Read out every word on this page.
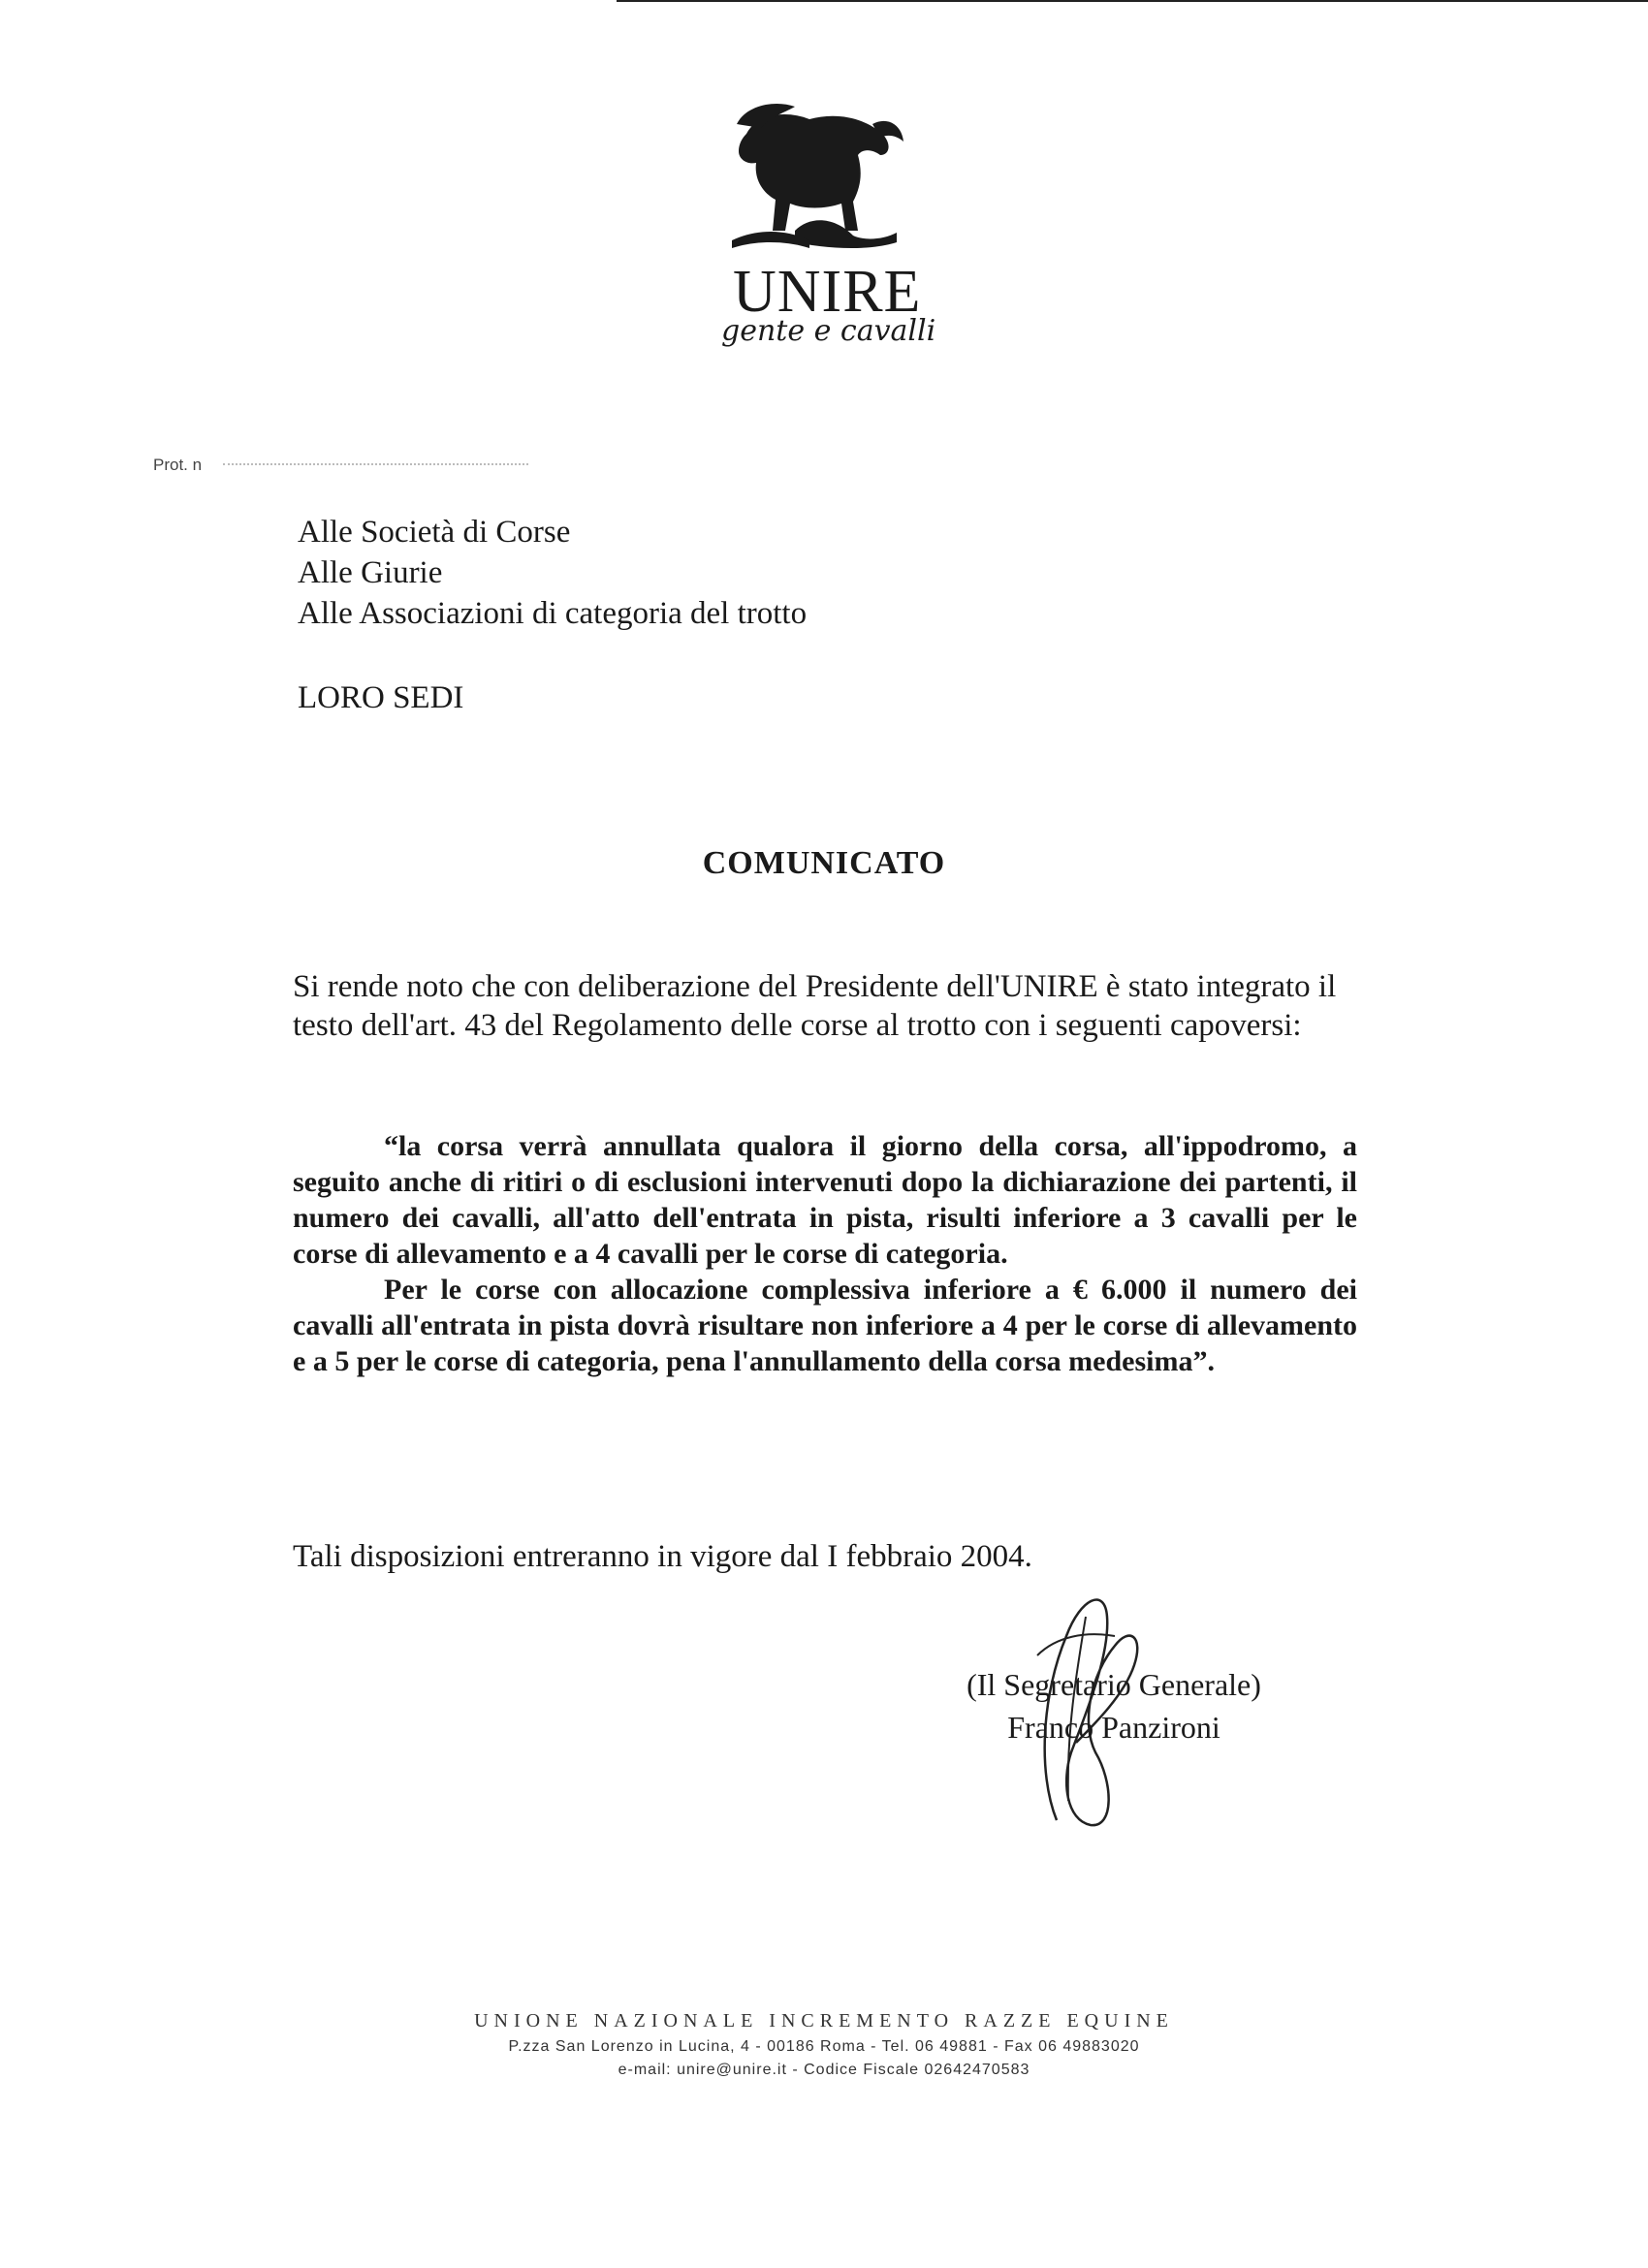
UNIRE
gente e cavalli
Prot. n
Alle Società di Corse
Alle Giurie
Alle Associazioni di categoria del trotto
LORO SEDI
COMUNICATO
Si rende noto che con deliberazione del Presidente dell'UNIRE è stato integrato il testo dell'art. 43 del Regolamento delle corse al trotto con i seguenti capoversi:

“la corsa verrà annullata qualora il giorno della corsa, all'ippodromo, a seguito anche di ritiri o di esclusioni intervenuti dopo la dichiarazione dei partenti, il numero dei cavalli, all'atto dell'entrata in pista, risulti inferiore a 3 cavalli per le corse di allevamento e a 4 cavalli per le corse di categoria.

Per le corse con allocazione complessiva inferiore a € 6.000 il numero dei cavalli all'entrata in pista dovrà risultare non inferiore a 4 per le corse di allevamento e a 5 per le corse di categoria, pena l'annullamento della corsa medesima”.

Tali disposizioni entreranno in vigore dal I febbraio 2004.
(Il Segretario Generale)
Franco Panzironi
UNIONE NAZIONALE INCREMENTO RAZZE EQUINE
P.zza San Lorenzo in Lucina, 4 - 00186 Roma - Tel. 06 49881 - Fax 06 49883020
e-mail: unire@unire.it - Codice Fiscale 02642470583
